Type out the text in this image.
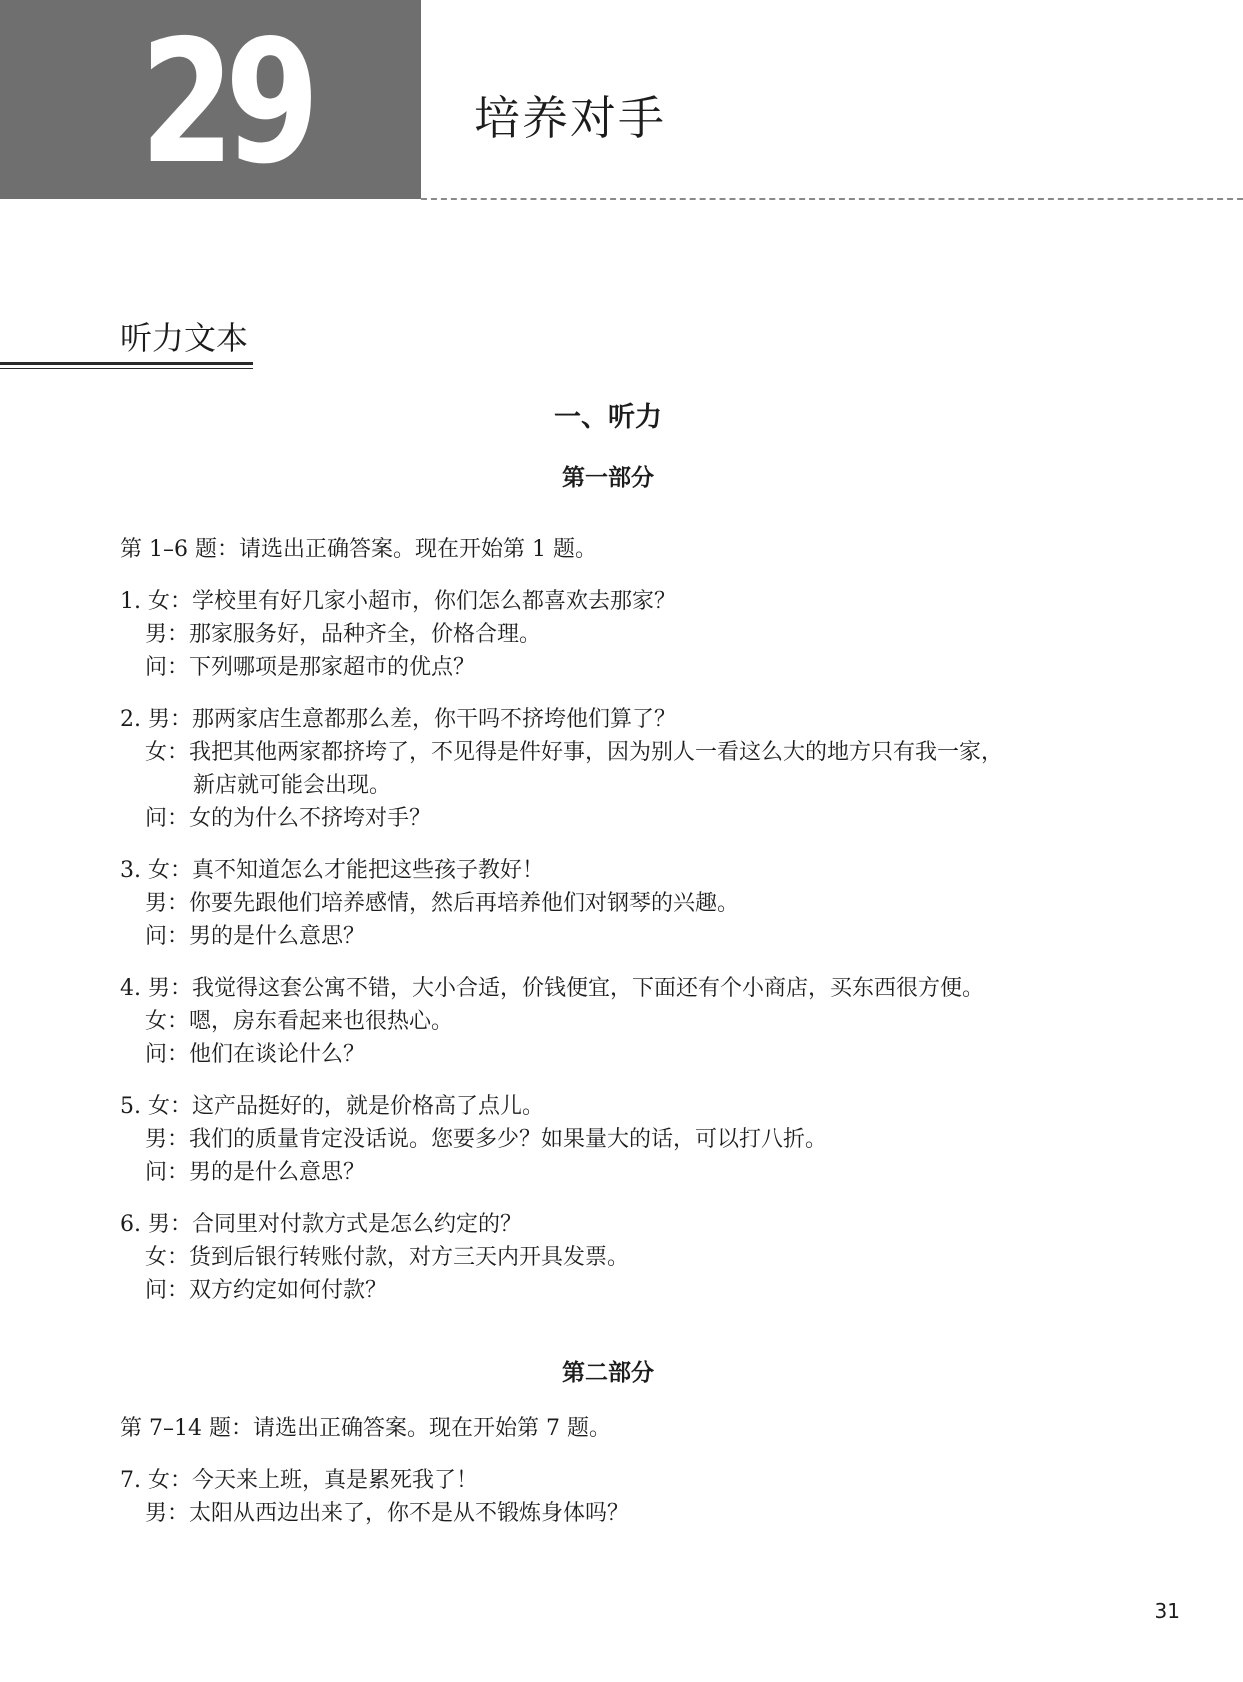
29	培养对手
听力文本
一、听力
第一部分
第 1–6 题：请选出正确答案。现在开始第 1 题。
1. 女：学校里有好几家小超市，你们怎么都喜欢去那家？
男：那家服务好，品种齐全，价格合理。
问：下列哪项是那家超市的优点？
2. 男：那两家店生意都那么差，你干吗不挤垮他们算了？
女：我把其他两家都挤垮了，不见得是件好事，因为别人一看这么大的地方只有我一家，
新店就可能会出现。
问：女的为什么不挤垮对手？
3. 女：真不知道怎么才能把这些孩子教好！
男：你要先跟他们培养感情，然后再培养他们对钢琴的兴趣。
问：男的是什么意思？
4. 男：我觉得这套公寓不错，大小合适，价钱便宜，下面还有个小商店，买东西很方便。
女：嗯，房东看起来也很热心。
问：他们在谈论什么？
5. 女：这产品挺好的，就是价格高了点儿。
男：我们的质量肯定没话说。您要多少？如果量大的话，可以打八折。
问：男的是什么意思？
6. 男：合同里对付款方式是怎么约定的？
女：货到后银行转账付款，对方三天内开具发票。
问：双方约定如何付款？
第二部分
第 7–14 题：请选出正确答案。现在开始第 7 题。
7. 女：今天来上班，真是累死我了！
男：太阳从西边出来了，你不是从不锻炼身体吗？
31
